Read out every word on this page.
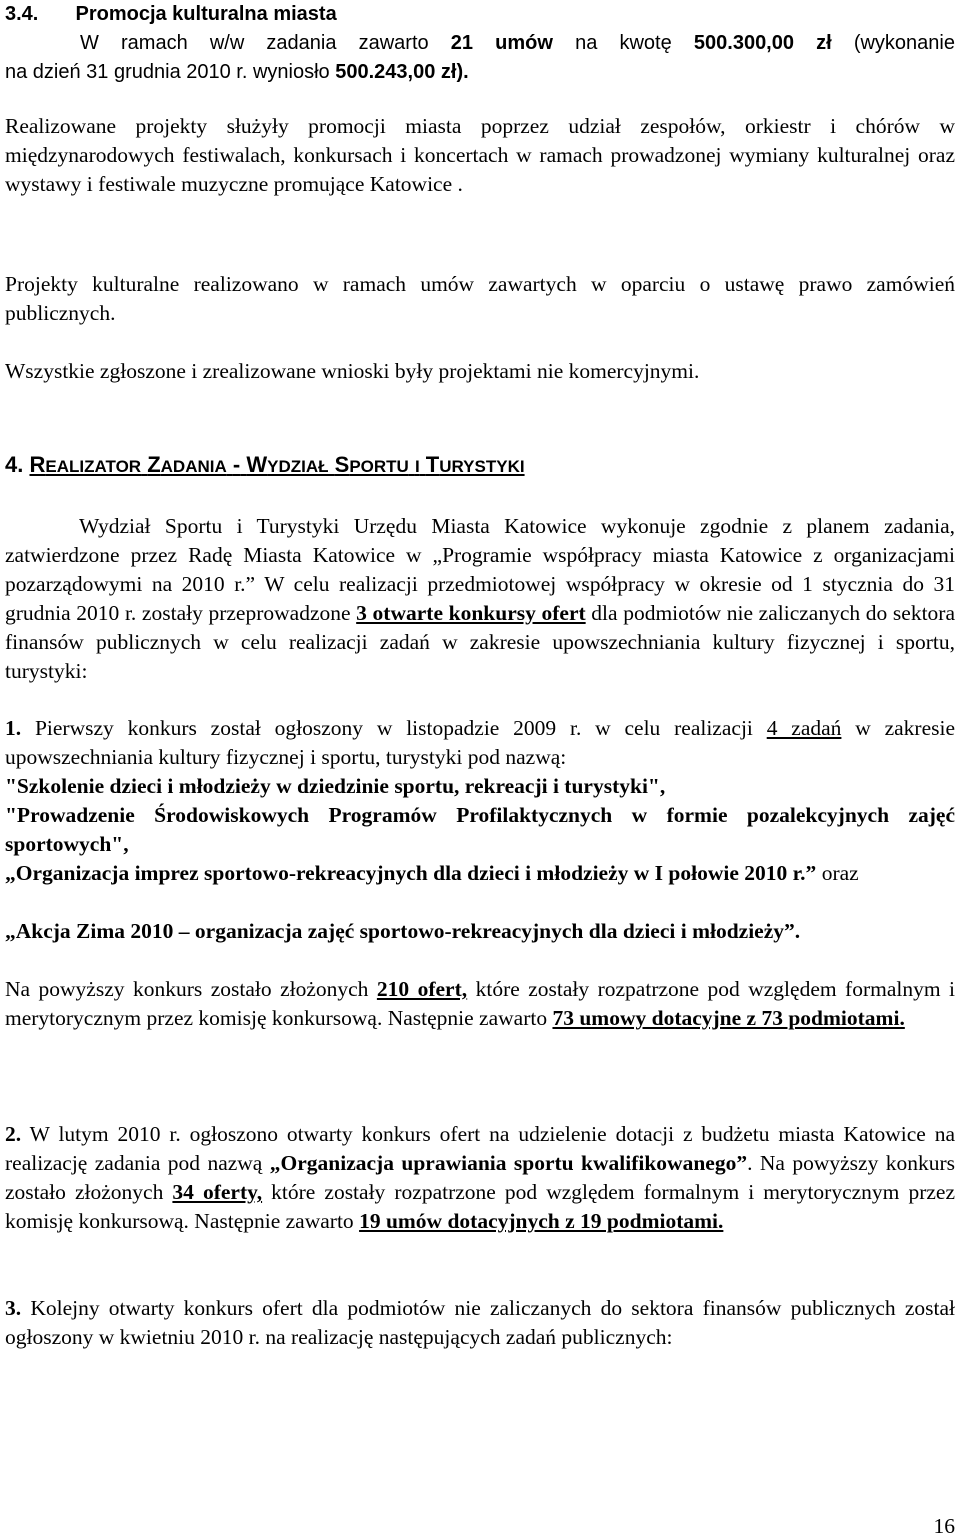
3.4. Promocja kulturalna miasta
W ramach w/w zadania zawarto 21 umów na kwotę 500.300,00 zł (wykonanie
na dzień 31 grudnia 2010 r. wyniosło 500.243,00 zł).

Realizowane projekty służyły promocji miasta poprzez udział zespołów, orkiestr i chórów w międzynarodowych festiwalach, konkursach i koncertach w ramach prowadzonej wymiany kulturalnej oraz wystawy i festiwale muzyczne promujące Katowice .

Projekty kulturalne realizowano w ramach umów zawartych w oparciu o ustawę prawo zamówień publicznych.

Wszystkie zgłoszone i zrealizowane wnioski były projektami nie komercyjnymi.

4. REALIZATOR ZADANIA - WYDZIAŁ SPORTU I TURYSTYKI

Wydział Sportu i Turystyki Urzędu Miasta Katowice wykonuje zgodnie z planem zadania, zatwierdzone przez Radę Miasta Katowice w „Programie współpracy miasta Katowice z organizacjami pozarządowymi na 2010 r.” W celu realizacji przedmiotowej współpracy w okresie od 1 stycznia do 31 grudnia 2010 r. zostały przeprowadzone 3 otwarte konkursy ofert dla podmiotów nie zaliczanych do sektora finansów publicznych w celu realizacji zadań w zakresie upowszechniania kultury fizycznej i sportu, turystyki:

1. Pierwszy konkurs został ogłoszony w listopadzie 2009 r. w celu realizacji 4 zadań w zakresie upowszechniania kultury fizycznej i sportu, turystyki pod nazwą:

"Szkolenie dzieci i młodzieży w dziedzinie sportu, rekreacji i turystyki",

"Prowadzenie Środowiskowych Programów Profilaktycznych w formie pozalekcyjnych zajęć sportowych",

„Organizacja imprez sportowo-rekreacyjnych dla dzieci i młodzieży w I połowie 2010 r.” oraz

„Akcja Zima 2010 – organizacja zajęć sportowo-rekreacyjnych dla dzieci i młodzieży”.

Na powyższy konkurs zostało złożonych 210 ofert, które zostały rozpatrzone pod względem formalnym i merytorycznym przez komisję konkursową. Następnie zawarto 73 umowy dotacyjne z 73 podmiotami.

2. W lutym 2010 r. ogłoszono otwarty konkurs ofert na udzielenie dotacji z budżetu miasta Katowice na realizację zadania pod nazwą „Organizacja uprawiania sportu kwalifikowanego”. Na powyższy konkurs zostało złożonych 34 oferty, które zostały rozpatrzone pod względem formalnym i merytorycznym przez komisję konkursową. Następnie zawarto 19 umów dotacyjnych z 19 podmiotami.

3. Kolejny otwarty konkurs ofert dla podmiotów nie zaliczanych do sektora finansów publicznych został ogłoszony w kwietniu 2010 r. na realizację następujących zadań publicznych:

16
